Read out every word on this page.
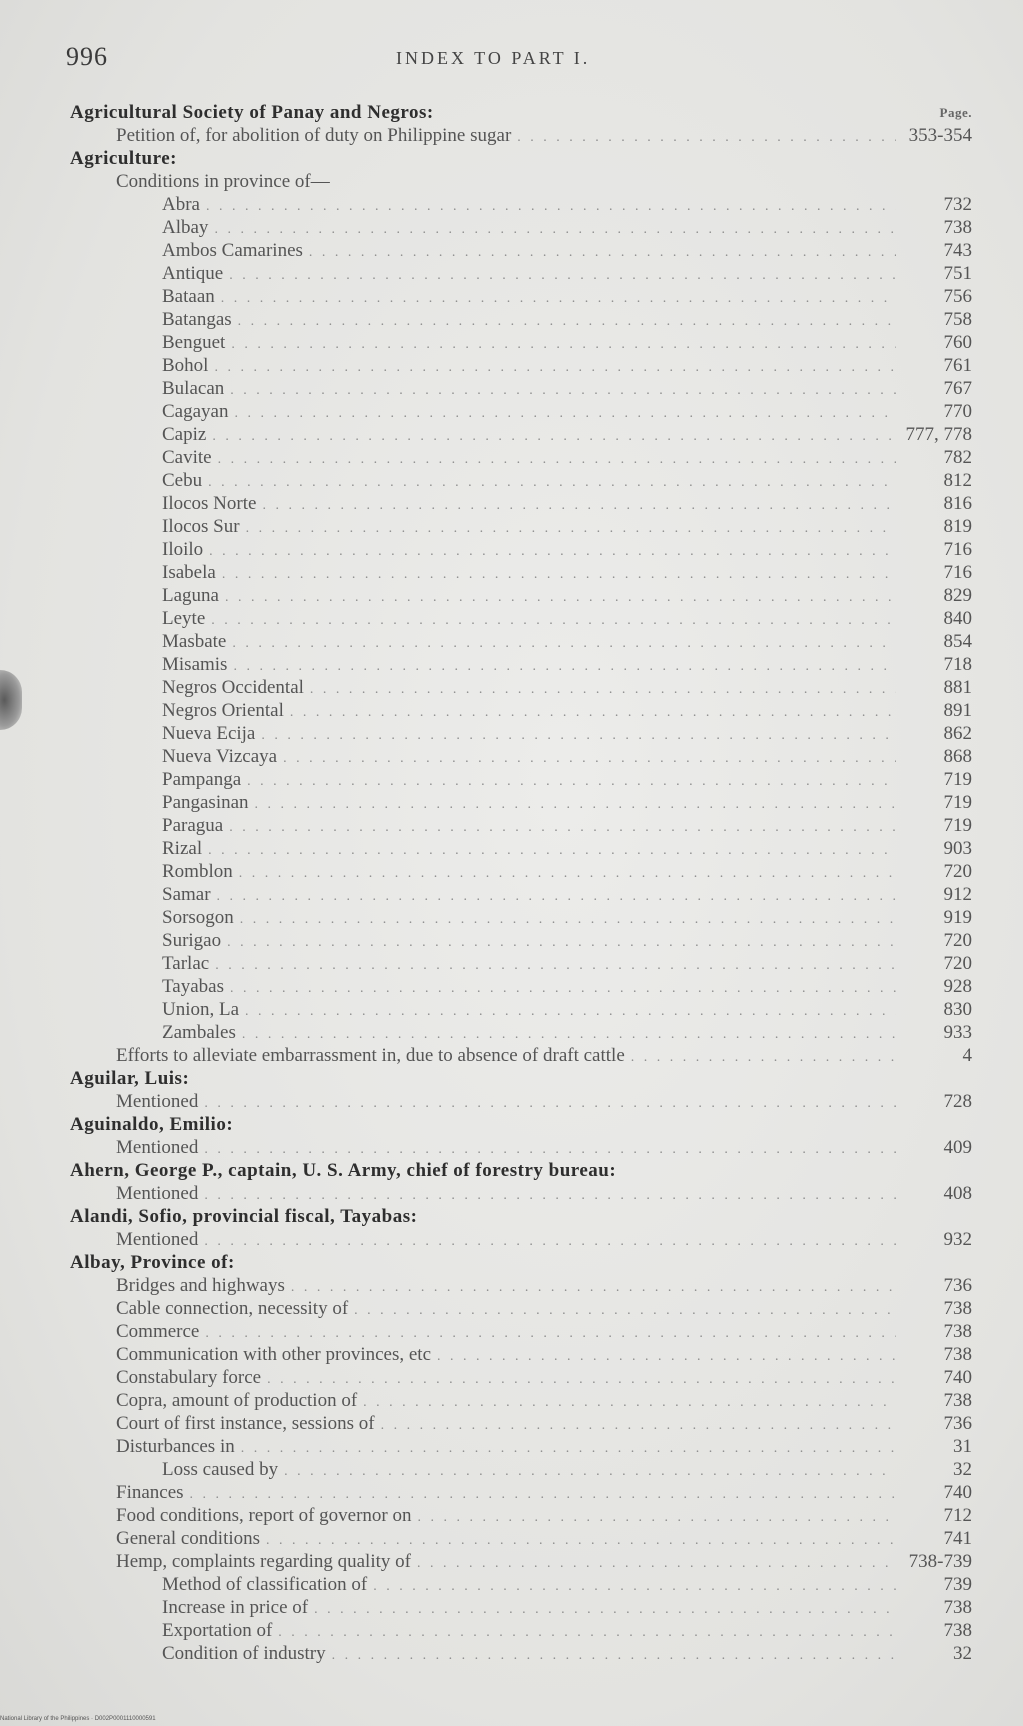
996	INDEX TO PART I.
Agricultural Society of Panay and Negros:	Page.
Petition of, for abolition of duty on Philippine sugar . . .	353-354
Agriculture:
Conditions in province of—
Abra . . .	732
Albay . . .	738
Ambos Camarines . . .	743
Antique . . .	751
Bataan . . .	756
Batangas . . .	758
Benguet . . .	760
Bohol . . .	761
Bulacan . . .	767
Cagayan . . .	770
Capiz . . .	777, 778
Cavite . . .	782
Cebu . . .	812
Ilocos Norte . . .	816
Ilocos Sur . . .	819
Iloilo . . .	716
Isabela . . .	716
Laguna . . .	829
Leyte . . .	840
Masbate . . .	854
Misamis . . .	718
Negros Occidental . . .	881
Negros Oriental . . .	891
Nueva Ecija . . .	862
Nueva Vizcaya . . .	868
Pampanga . . .	719
Pangasinan . . .	719
Paragua . . .	719
Rizal . . .	903
Romblon . . .	720
Samar . . .	912
Sorsogon . . .	919
Surigao . . .	720
Tarlac . . .	720
Tayabas . . .	928
Union, La . . .	830
Zambales . . .	933
Efforts to alleviate embarrassment in, due to absence of draft cattle . . .	4
Aguilar, Luis:
Mentioned . . .	728
Aguinaldo, Emilio:
Mentioned . . .	409
Ahern, George P., captain, U. S. Army, chief of forestry bureau:
Mentioned . . .	408
Alandi, Sofio, provincial fiscal, Tayabas:
Mentioned . . .	932
Albay, Province of:
Bridges and highways . . .	736
Cable connection, necessity of . . .	738
Commerce . . .	738
Communication with other provinces, etc . . .	738
Constabulary force . . .	740
Copra, amount of production of . . .	738
Court of first instance, sessions of . . .	736
Disturbances in . . .	31
Loss caused by . . .	32
Finances . . .	740
Food conditions, report of governor on . . .	712
General conditions . . .	741
Hemp, complaints regarding quality of . . .	738-739
Method of classification of . . .	739
Increase in price of . . .	738
Exportation of . . .	738
Condition of industry . . .	32
National Library of the Philippines · D002P0001110000591
